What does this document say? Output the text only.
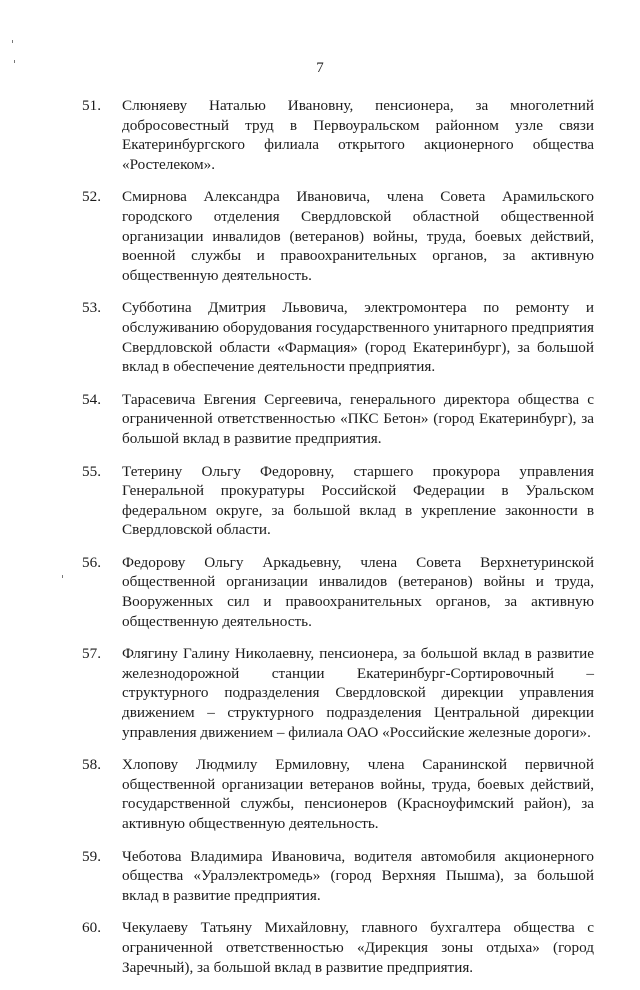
7
51.	Слюняеву Наталью Ивановну, пенсионера, за многолетний добросовестный труд в Первоуральском районном узле связи Екатеринбургского филиала открытого акционерного общества «Ростелеком».
52.	Смирнова Александра Ивановича, члена Совета Арамильского городского отделения Свердловской областной общественной организации инвалидов (ветеранов) войны, труда, боевых действий, военной службы и правоохранительных органов, за активную общественную деятельность.
53.	Субботина Дмитрия Львовича, электромонтера по ремонту и обслуживанию оборудования государственного унитарного предприятия Свердловской области «Фармация» (город Екатеринбург), за большой вклад в обеспечение деятельности предприятия.
54.	Тарасевича Евгения Сергеевича, генерального директора общества с ограниченной ответственностью «ПКС Бетон» (город Екатеринбург), за большой вклад в развитие предприятия.
55.	Тетерину Ольгу Федоровну, старшего прокурора управления Генеральной прокуратуры Российской Федерации в Уральском федеральном округе, за большой вклад в укрепление законности в Свердловской области.
56.	Федорову Ольгу Аркадьевну, члена Совета Верхнетуринской общественной организации инвалидов (ветеранов) войны и труда, Вооруженных сил и правоохранительных органов, за активную общественную деятельность.
57.	Флягину Галину Николаевну, пенсионера, за большой вклад в развитие железнодорожной станции Екатеринбург-Сортировочный – структурного подразделения Свердловской дирекции управления движением – структурного подразделения Центральной дирекции управления движением – филиала ОАО «Российские железные дороги».
58.	Хлопову Людмилу Ермиловну, члена Саранинской первичной общественной организации ветеранов войны, труда, боевых действий, государственной службы, пенсионеров (Красноуфимский район), за активную общественную деятельность.
59.	Чеботова Владимира Ивановича, водителя автомобиля акционерного общества «Уралэлектромедь» (город Верхняя Пышма), за большой вклад в развитие предприятия.
60.	Чекулаеву Татьяну Михайловну, главного бухгалтера общества с ограниченной ответственностью «Дирекция зоны отдыха» (город Заречный), за большой вклад в развитие предприятия.
